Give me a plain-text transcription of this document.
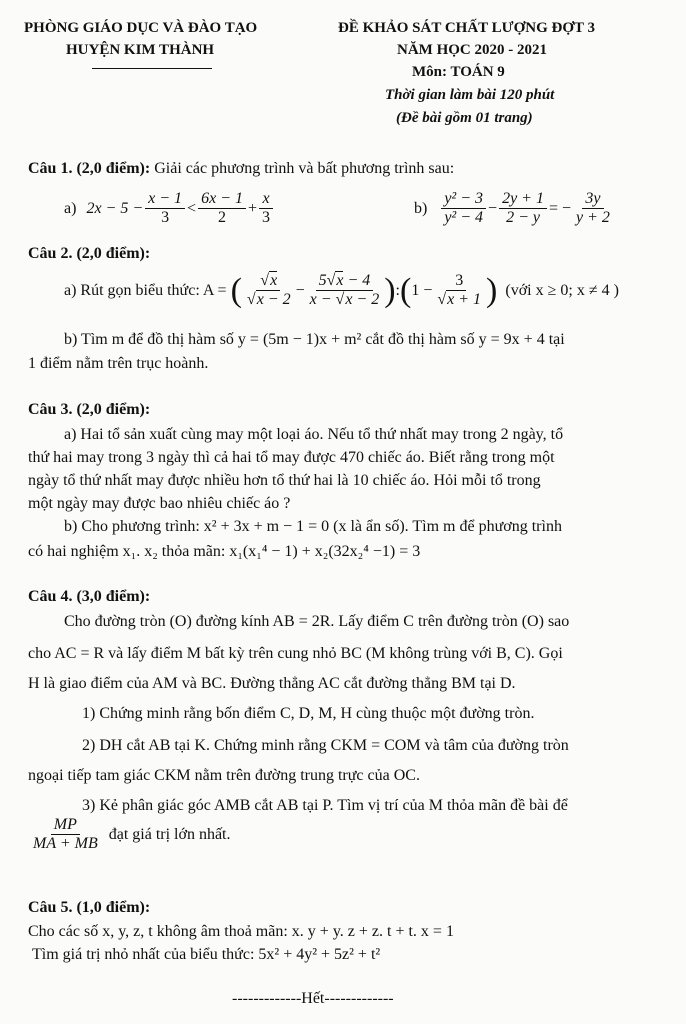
PHÒNG GIÁO DỤC VÀ ĐÀO TẠO
HUYỆN KIM THÀNH
ĐỀ KHẢO SÁT CHẤT LƯỢNG ĐỢT 3
NĂM HỌC 2020 - 2021
Môn: TOÁN 9
Thời gian làm bài 120 phút
(Đề bài gồm 01 trang)
Câu 1. (2,0 điểm): Giải các phương trình và bất phương trình sau:
a) $2x - 5 - \frac{x - 1}{3} < \frac{6x - 1}{2} + \frac{x}{3}$	$b) \frac{\text{y² − 3}}{\text{y² − 4}} - \frac{2y + 1}{2 - y}$ = − $\frac{3y}{y + 2}$
Câu 2. (2,0 điểm):
a) Rút gọn biểu thức: A = ( $\frac{√x}{√x - 2} - \frac{5√x - 4}{x - √x - 2}$ ) : ( $1 - \frac{3}{√x + 1}$ ) (với x ≥ 0; x ≠ 4 )
b) Tìm m để đồ thị hàm số y = (5m − 1)x + m² cắt đồ thị hàm số y = 9x + 4 tại
1 điểm nằm trên trục hoành.
Câu 3. (2,0 điểm):
a) Hai tổ sản xuất cùng may một loại áo. Nếu tổ thứ nhất may trong 2 ngày, tổ
thứ hai may trong 3 ngày thì cả hai tổ may được 470 chiếc áo. Biết rằng trong một
ngày tổ thứ nhất may được nhiều hơn tổ thứ hai là 10 chiếc áo. Hỏi mỗi tổ trong
một ngày may được bao nhiêu chiếc áo ?
b) Cho phương trình: x² + 3x + m − 1 = 0 (x là ẩn số). Tìm m để phương trình
có hai nghiệm x₁. x₂ thỏa mãn: x₁(x₁⁴ − 1) + x₂(32x₂⁴ −1) = 3
Câu 4. (3,0 điểm):
Cho đường tròn (O) đường kính AB = 2R. Lấy điểm C trên đường tròn (O) sao
cho AC = R và lấy điểm M bất kỳ trên cung nhỏ BC (M không trùng với B, C). Gọi
H là giao điểm của AM và BC. Đường thẳng AC cắt đường thẳng BM tại D.
1) Chứng minh rằng bốn điểm C, D, M, H cùng thuộc một đường tròn.
2) DH cắt AB tại K. Chứng minh rằng CKM = COM và tâm của đường tròn
ngoại tiếp tam giác CKM nằm trên đường trung trực của OC.
3) Kẻ phân giác góc AMB cắt AB tại P. Tìm vị trí của M thỏa mãn đề bài để
$\frac{MP}{MA + MB}$ đạt giá trị lớn nhất.
Câu 5. (1,0 điểm):
Cho các số x, y, z, t không âm thoả mãn: x. y + y. z + z. t + t. x = 1
Tìm giá trị nhỏ nhất của biểu thức: 5x² + 4y² + 5z² + t²
-------------Hết-------------
